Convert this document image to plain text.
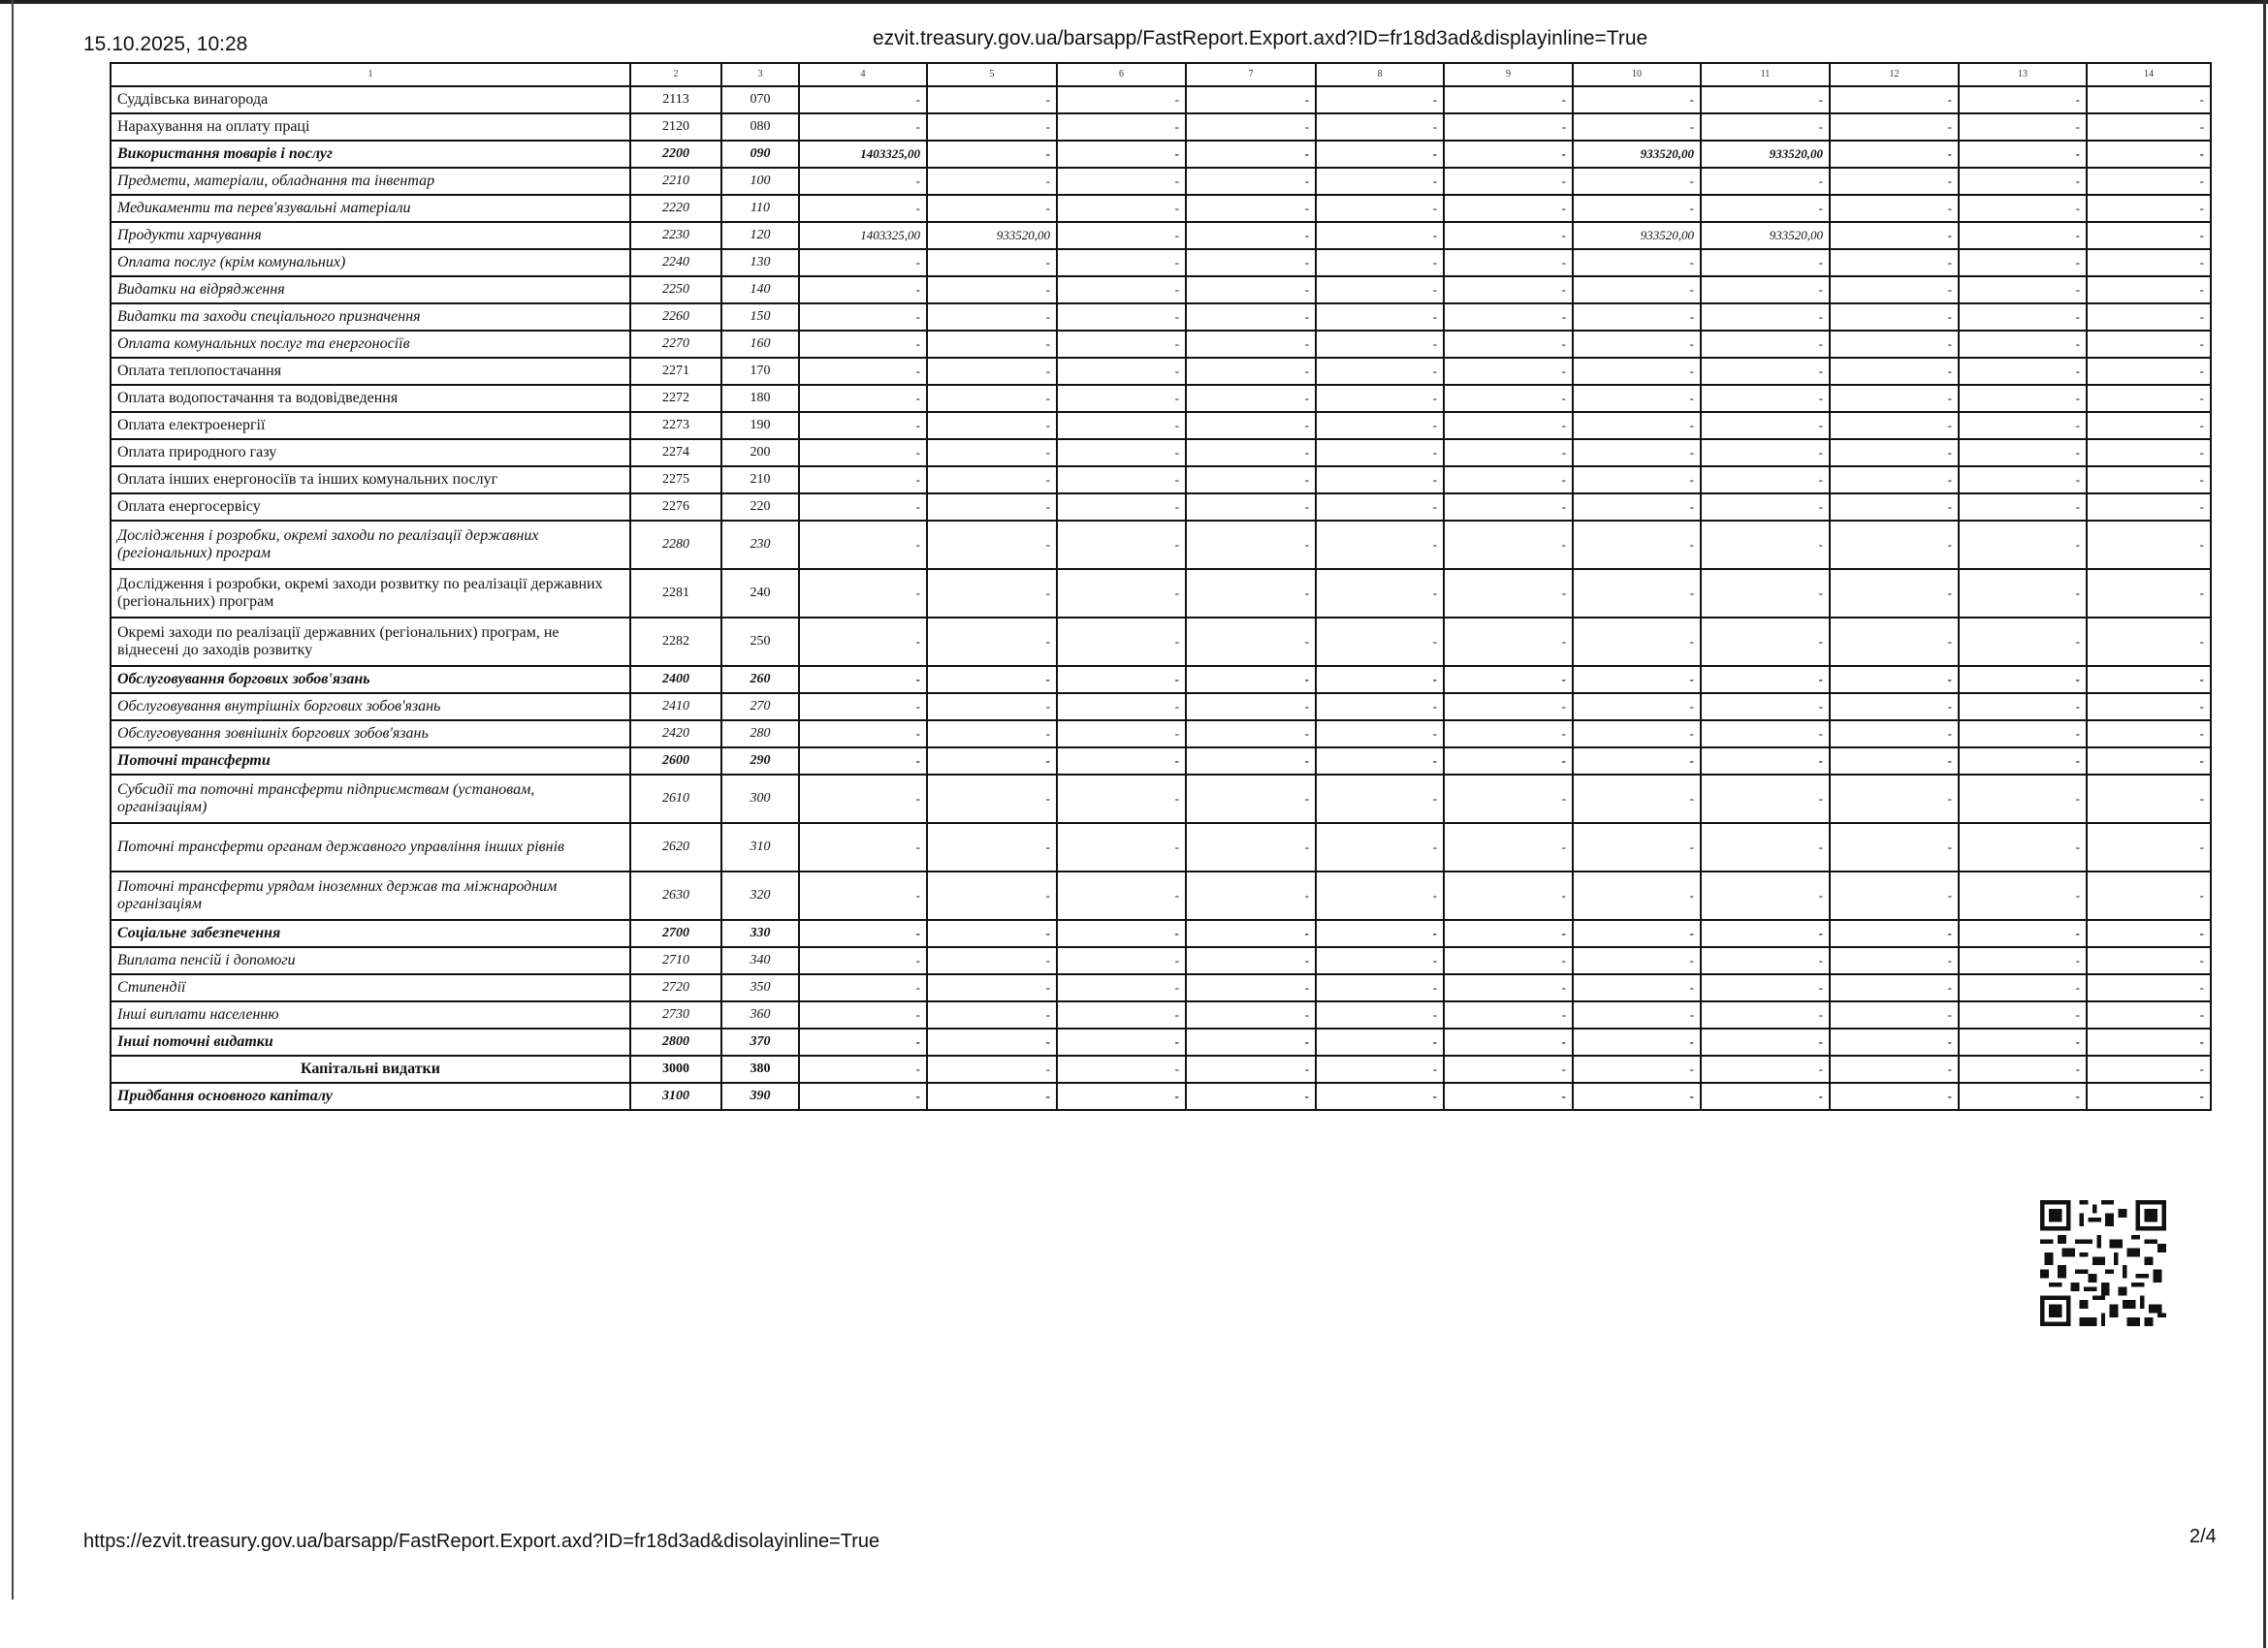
15.10.2025, 10:28	ezvit.treasury.gov.ua/barsapp/FastReport.Export.axd?ID=fr18d3ad&displayinline=True
1	2	3	4	5	6	7	8	9	10	11	12	13	14
Суддівська винагорода	2113	070	-	-	-	-	-	-	-	-	-	-	-
Нарахування на оплату праці	2120	080	-	-	-	-	-	-	-	-	-	-	-
Використання товарів і послуг	2200	090	1403325,00	-	-	-	-	-	933520,00	933520,00	-	-	-
Предмети, матеріали, обладнання та інвентар	2210	100	-	-	-	-	-	-	-	-	-	-	-
Медикаменти та перев'язувальні матеріали	2220	110	-	-	-	-	-	-	-	-	-	-	-
Продукти харчування	2230	120	1403325,00	933520,00	-	-	-	-	933520,00	933520,00	-	-	-
Оплата послуг (крім комунальних)	2240	130	-	-	-	-	-	-	-	-	-	-	-
Видатки на відрядження	2250	140	-	-	-	-	-	-	-	-	-	-	-
Видатки та заходи спеціального призначення	2260	150	-	-	-	-	-	-	-	-	-	-	-
Оплата комунальних послуг та енергоносіїв	2270	160	-	-	-	-	-	-	-	-	-	-	-
Оплата теплопостачання	2271	170	-	-	-	-	-	-	-	-	-	-	-
Оплата водопостачання та водовідведення	2272	180	-	-	-	-	-	-	-	-	-	-	-
Оплата електроенергії	2273	190	-	-	-	-	-	-	-	-	-	-	-
Оплата природного газу	2274	200	-	-	-	-	-	-	-	-	-	-	-
Оплата інших енергоносіїв та інших комунальних послуг	2275	210	-	-	-	-	-	-	-	-	-	-	-
Оплата енергосервісу	2276	220	-	-	-	-	-	-	-	-	-	-	-
Дослідження і розробки, окремі заходи по реалізації державних (регіональних) програм	2280	230	-	-	-	-	-	-	-	-	-	-	-
Дослідження і розробки, окремі заходи розвитку по реалізації державних (регіональних) програм	2281	240	-	-	-	-	-	-	-	-	-	-	-
Окремі заходи по реалізації державних (регіональних) програм, не віднесені до заходів розвитку	2282	250	-	-	-	-	-	-	-	-	-	-	-
Обслуговування боргових зобов'язань	2400	260	-	-	-	-	-	-	-	-	-	-	-
Обслуговування внутрішніх боргових зобов'язань	2410	270	-	-	-	-	-	-	-	-	-	-	-
Обслуговування зовнішніх боргових зобов'язань	2420	280	-	-	-	-	-	-	-	-	-	-	-
Поточні трансферти	2600	290	-	-	-	-	-	-	-	-	-	-	-
Субсидії та поточні трансферти підприємствам (установам, організаціям)	2610	300	-	-	-	-	-	-	-	-	-	-	-
Поточні трансферти органам державного управління інших рівнів	2620	310	-	-	-	-	-	-	-	-	-	-	-
Поточні трансферти урядам іноземних держав та міжнародним організаціям	2630	320	-	-	-	-	-	-	-	-	-	-	-
Соціальне забезпечення	2700	330	-	-	-	-	-	-	-	-	-	-	-
Виплата пенсій і допомоги	2710	340	-	-	-	-	-	-	-	-	-	-	-
Стипендії	2720	350	-	-	-	-	-	-	-	-	-	-	-
Інші виплати населенню	2730	360	-	-	-	-	-	-	-	-	-	-	-
Інші поточні видатки	2800	370	-	-	-	-	-	-	-	-	-	-	-
Капітальні видатки	3000	380	-	-	-	-	-	-	-	-	-	-	-
Придбання основного капіталу	3100	390	-	-	-	-	-	-	-	-	-	-	-
https://ezvit.treasury.gov.ua/barsapp/FastReport.Export.axd?ID=fr18d3ad&disolayinline=True	2/4
